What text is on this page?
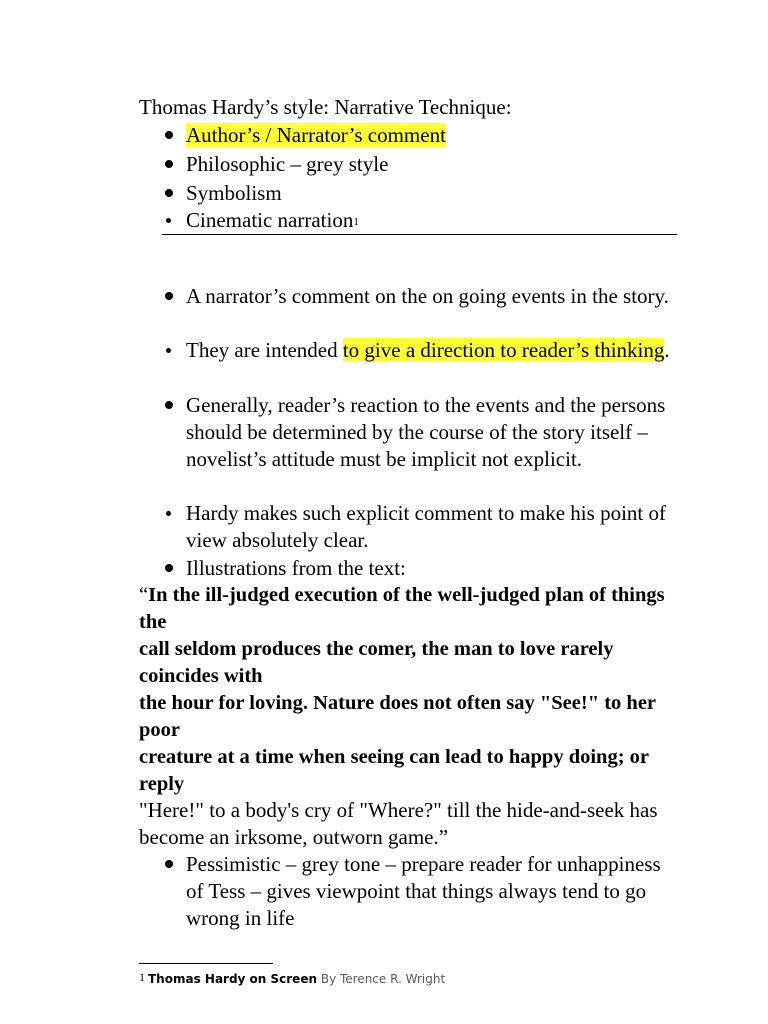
Thomas Hardy’s style: Narrative Technique:
Author’s / Narrator’s comment
Philosophic – grey style
Symbolism
Cinematic narration$^1$
A narrator’s comment on the on going events in the story.
They are intended to give a direction to reader’s thinking.
Generally, reader’s reaction to the events and the persons should be determined by the course of the story itself – novelist’s attitude must be implicit not explicit.
Hardy makes such explicit comment to make his point of view absolutely clear.
Illustrations from the text:
“In the ill-judged execution of the well-judged plan of things the
call seldom produces the comer, the man to love rarely coincides with
the hour for loving. Nature does not often say "See!" to her poor
creature at a time when seeing can lead to happy doing; or reply
"Here!" to a body's cry of "Where?" till the hide-and-seek has become an irksome, outworn game.”
Pessimistic – grey tone – prepare reader for unhappiness of Tess – gives viewpoint that things always tend to go wrong in life
1 Thomas Hardy on Screen By Terence R. Wright
